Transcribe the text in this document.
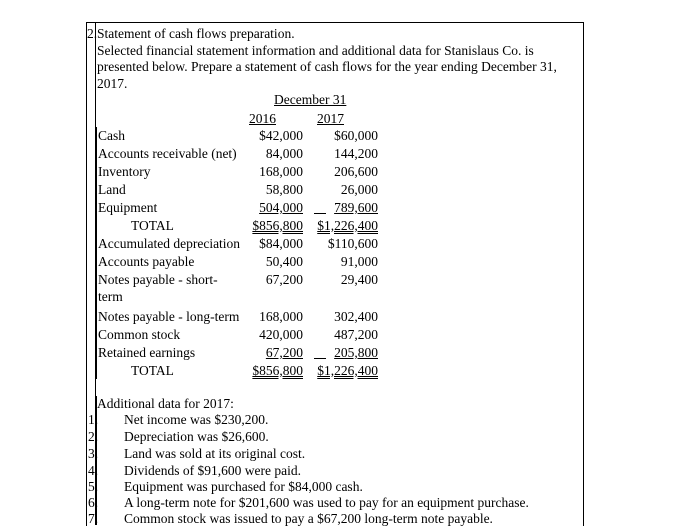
2. Statement of cash flows preparation.

Selected financial statement information and additional data for Stanislaus Co. is presented below. Prepare a statement of cash flows for the year ending December 31, 2017.

December 31
2016	2017
Cash
Accounts receivable (net)
Inventory
Land
Equipment
TOTAL
Accumulated depreciation
Accounts payable
Notes payable - short-
term
Notes payable - long-term
Common stock
Retained earnings
TOTAL
$42,000
84,000
168,000
58,800
504,000
$856,800
$84,000
50,400
67,200
168,000
420,000
67,200
$856,800
$60,000
144,200
206,600
26,000
789,600
$1,226,400
$110,600
91,000
29,400
302,400
487,200
205,800
$1,226,400
Additional data for 2017:
1. Net income was $230,200.
2. Depreciation was $26,600.
3. Land was sold at its original cost.
4. Dividends of $91,600 were paid.
5. Equipment was purchased for $84,000 cash.
6. A long-term note for $201,600 was used to pay for an equipment purchase.
7. Common stock was issued to pay a $67,200 long-term note payable.
